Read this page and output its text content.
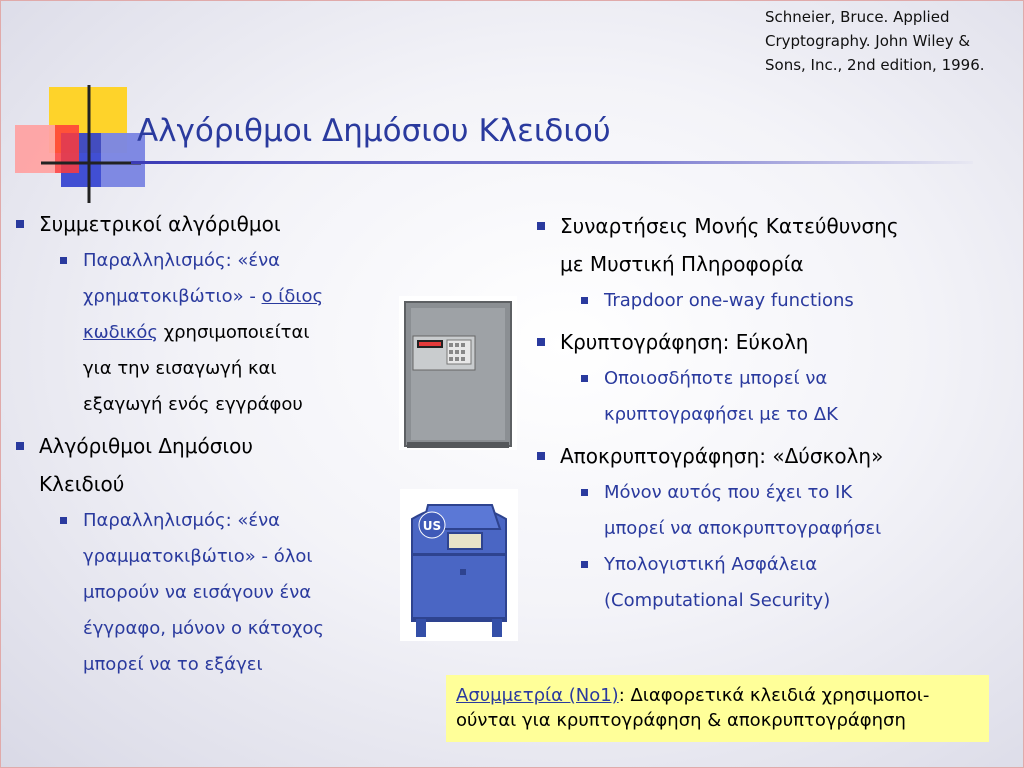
Schneier, Bruce. Applied
Cryptography. John Wiley &
Sons, Inc., 2nd edition, 1996.
Αλγόριθμοι Δημόσιου Κλειδιού
Συμμετρικοί αλγόριθμοι
Παραλληλισμός: «ένα
χρηματοκιβώτιο» - ο ίδιος
κωδικός χρησιμοποιείται
για την εισαγωγή και
εξαγωγή ενός εγγράφου
Αλγόριθμοι Δημόσιου
Κλειδιού
Παραλληλισμός: «ένα
γραμματοκιβώτιο» - όλοι
μπορούν να εισάγουν ένα
έγγραφο, μόνον ο κάτοχος
μπορεί να το εξάγει
US
Συναρτήσεις Μονής Κατεύθυνσης
με Μυστική Πληροφορία
Trapdoor one-way functions
Κρυπτογράφηση: Εύκολη
Οποιοσδήποτε μπορεί να
κρυπτογραφήσει με το ΔΚ
Αποκρυπτογράφηση: «Δύσκολη»
Μόνον αυτός που έχει το ΙΚ
μπορεί να αποκρυπτογραφήσει
Υπολογιστική Ασφάλεια
(Computational Security)
Ασυμμετρία (Νο1): Διαφορετικά κλειδιά χρησιμοποι-
ούνται για κρυπτογράφηση & αποκρυπτογράφηση
